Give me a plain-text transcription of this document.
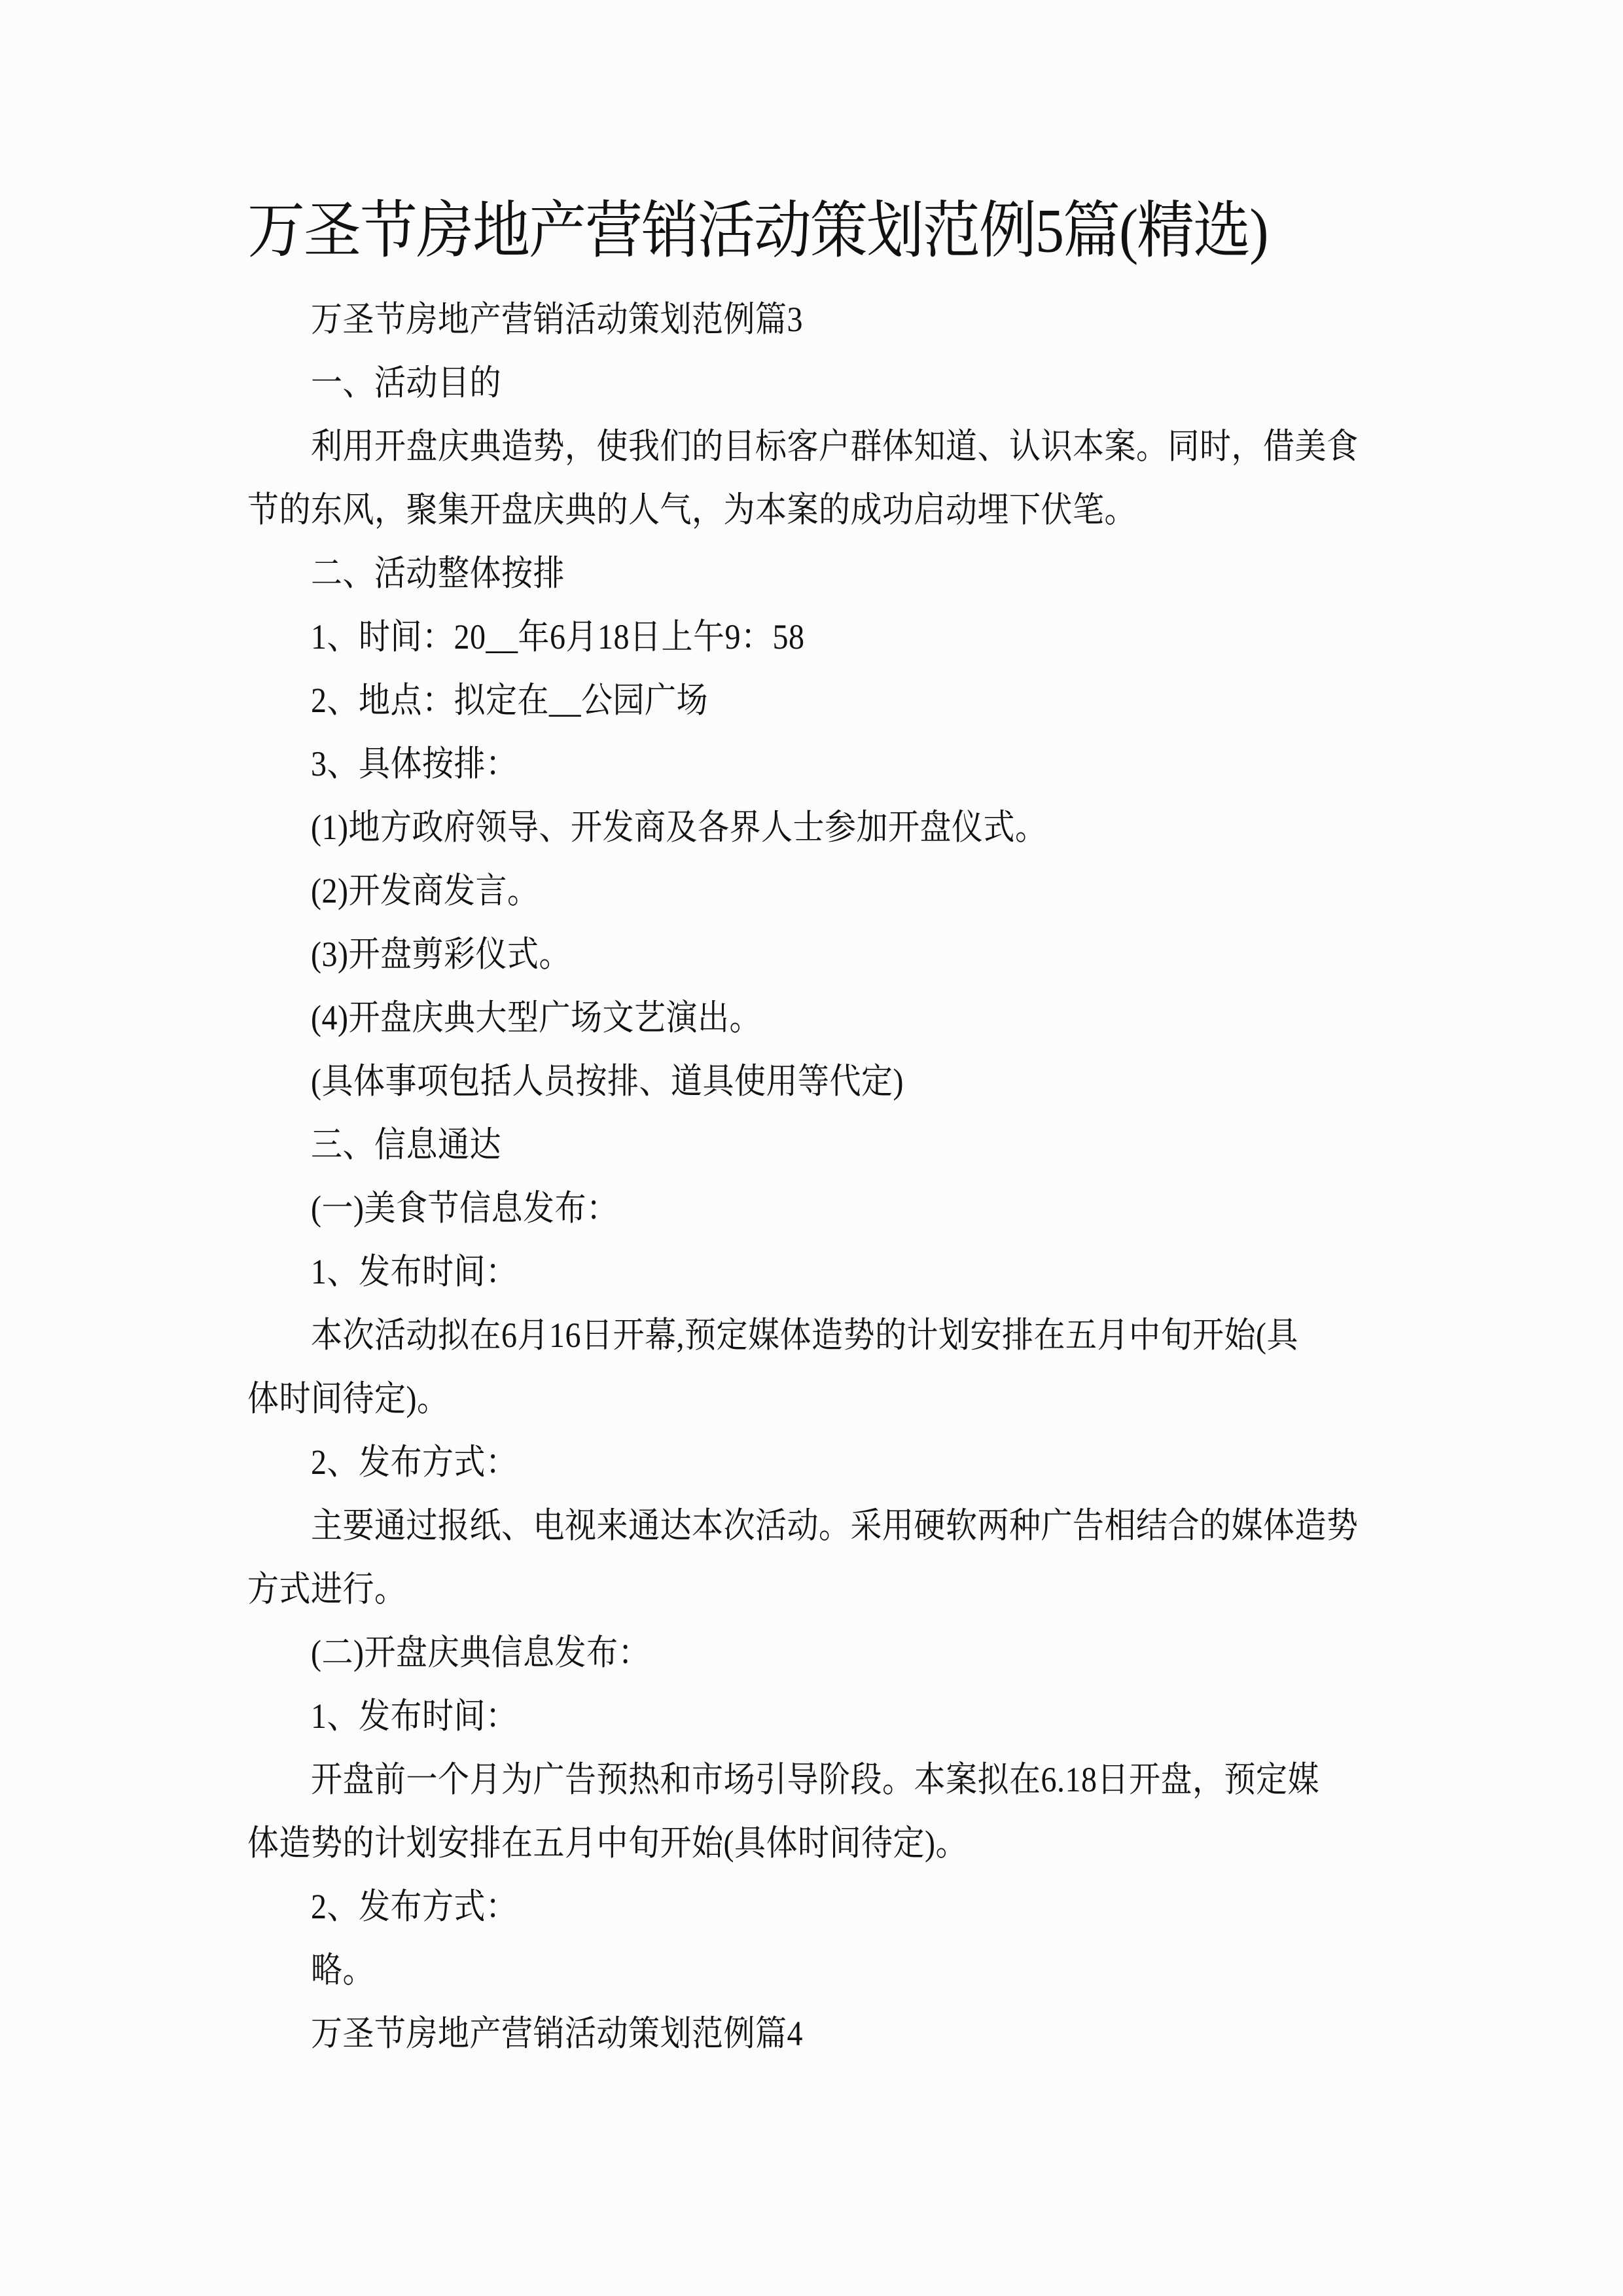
万圣节房地产营销活动策划范例5篇(精选)
万圣节房地产营销活动策划范例篇3
一、活动目的
利用开盘庆典造势，使我们的目标客户群体知道、认识本案。同时，借美食
节的东风，聚集开盘庆典的人气，为本案的成功启动埋下伏笔。
二、活动整体按排
1、时间：20__年6月18日上午9：58
2、地点：拟定在__公园广场
3、具体按排：
(1)地方政府领导、开发商及各界人士参加开盘仪式。
(2)开发商发言。
(3)开盘剪彩仪式。
(4)开盘庆典大型广场文艺演出。
(具体事项包括人员按排、道具使用等代定)
三、信息通达
(一)美食节信息发布：
1、发布时间：
本次活动拟在6月16日开幕,预定媒体造势的计划安排在五月中旬开始(具
体时间待定)。
2、发布方式：
主要通过报纸、电视来通达本次活动。采用硬软两种广告相结合的媒体造势
方式进行。
(二)开盘庆典信息发布：
1、发布时间：
开盘前一个月为广告预热和市场引导阶段。本案拟在6.18日开盘，预定媒
体造势的计划安排在五月中旬开始(具体时间待定)。
2、发布方式：
略。
万圣节房地产营销活动策划范例篇4
